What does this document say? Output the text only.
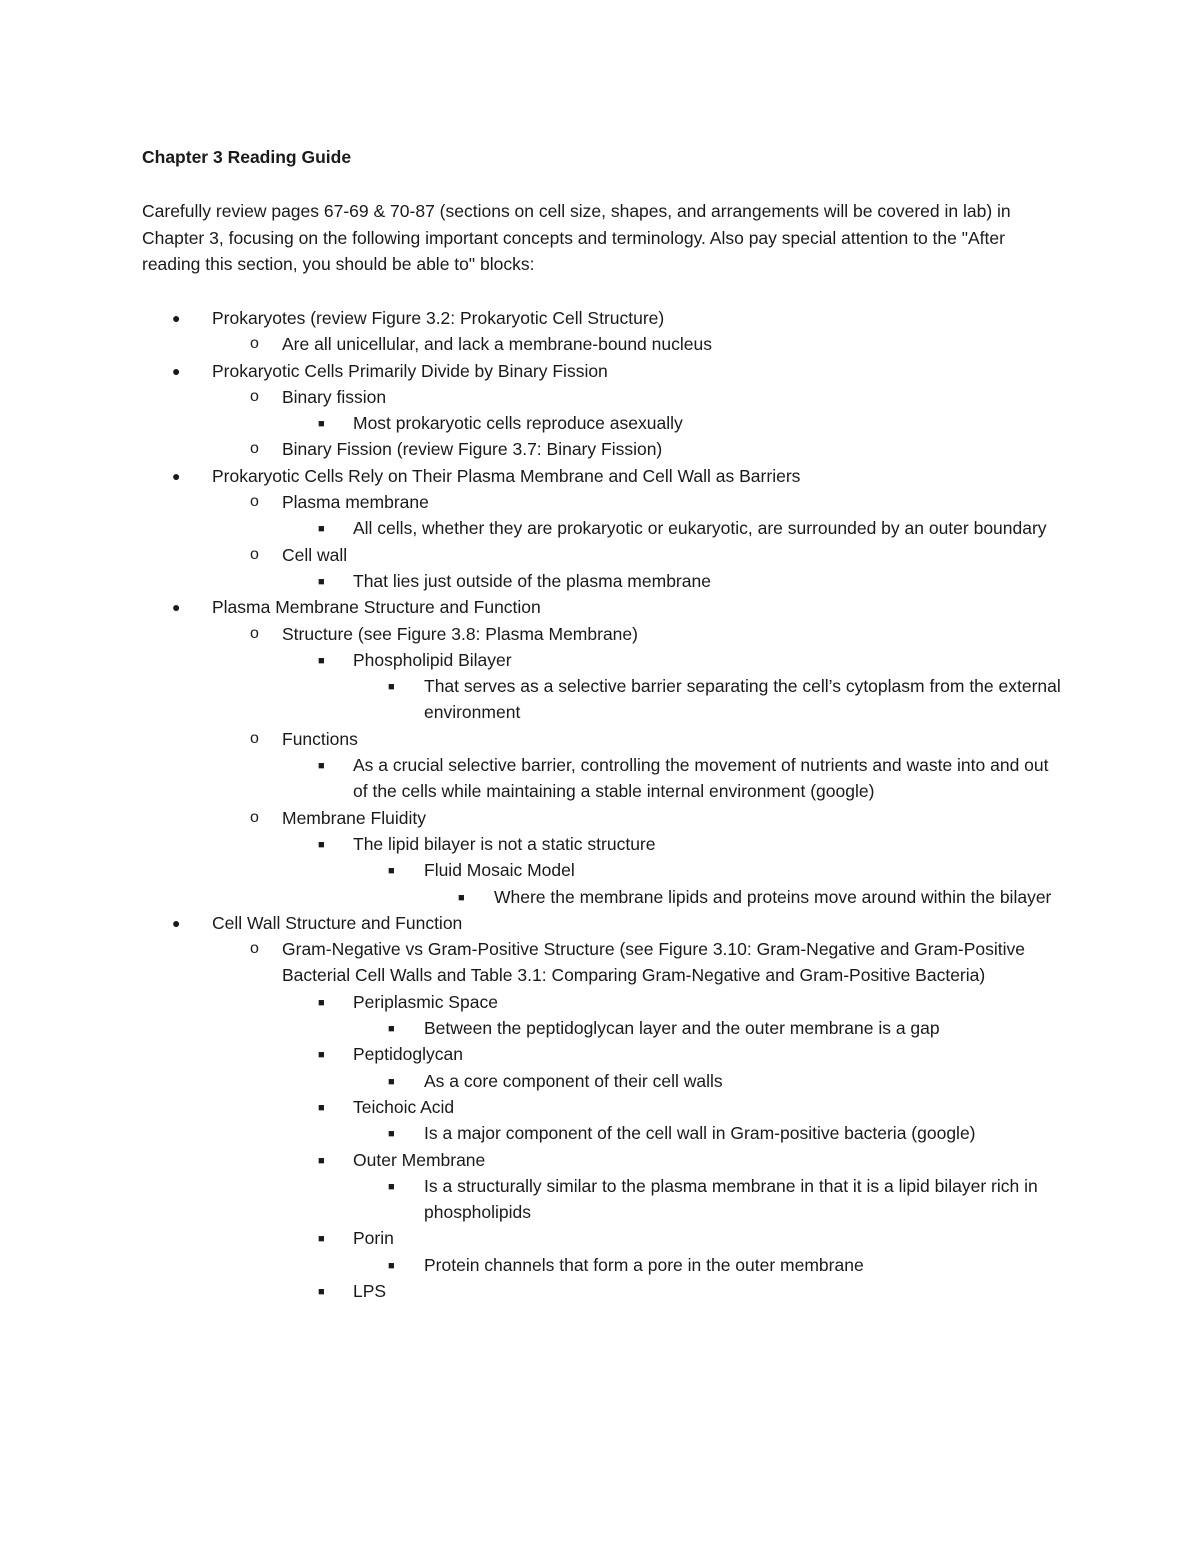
Chapter 3 Reading Guide
Carefully review pages 67-69 & 70-87 (sections on cell size, shapes, and arrangements will be covered in lab) in Chapter 3, focusing on the following important concepts and terminology. Also pay special attention to the "After reading this section, you should be able to" blocks:
● Prokaryotes (review Figure 3.2: Prokaryotic Cell Structure)
o Are all unicellular, and lack a membrane-bound nucleus
● Prokaryotic Cells Primarily Divide by Binary Fission
o Binary fission
■ Most prokaryotic cells reproduce asexually
o Binary Fission (review Figure 3.7: Binary Fission)
● Prokaryotic Cells Rely on Their Plasma Membrane and Cell Wall as Barriers
o Plasma membrane
■ All cells, whether they are prokaryotic or eukaryotic, are surrounded by an outer boundary
o Cell wall
■ That lies just outside of the plasma membrane
● Plasma Membrane Structure and Function
o Structure (see Figure 3.8: Plasma Membrane)
■ Phospholipid Bilayer
■ That serves as a selective barrier separating the cell’s cytoplasm from the external environment
o Functions
■ As a crucial selective barrier, controlling the movement of nutrients and waste into and out of the cells while maintaining a stable internal environment (google)
o Membrane Fluidity
■ The lipid bilayer is not a static structure
■ Fluid Mosaic Model
■ Where the membrane lipids and proteins move around within the bilayer
● Cell Wall Structure and Function
o Gram-Negative vs Gram-Positive Structure (see Figure 3.10: Gram-Negative and Gram-Positive Bacterial Cell Walls and Table 3.1: Comparing Gram-Negative and Gram-Positive Bacteria)
■ Periplasmic Space
■ Between the peptidoglycan layer and the outer membrane is a gap
■ Peptidoglycan
■ As a core component of their cell walls
■ Teichoic Acid
■ Is a major component of the cell wall in Gram-positive bacteria (google)
■ Outer Membrane
■ Is a structurally similar to the plasma membrane in that it is a lipid bilayer rich in phospholipids
■ Porin
■ Protein channels that form a pore in the outer membrane
■ LPS
